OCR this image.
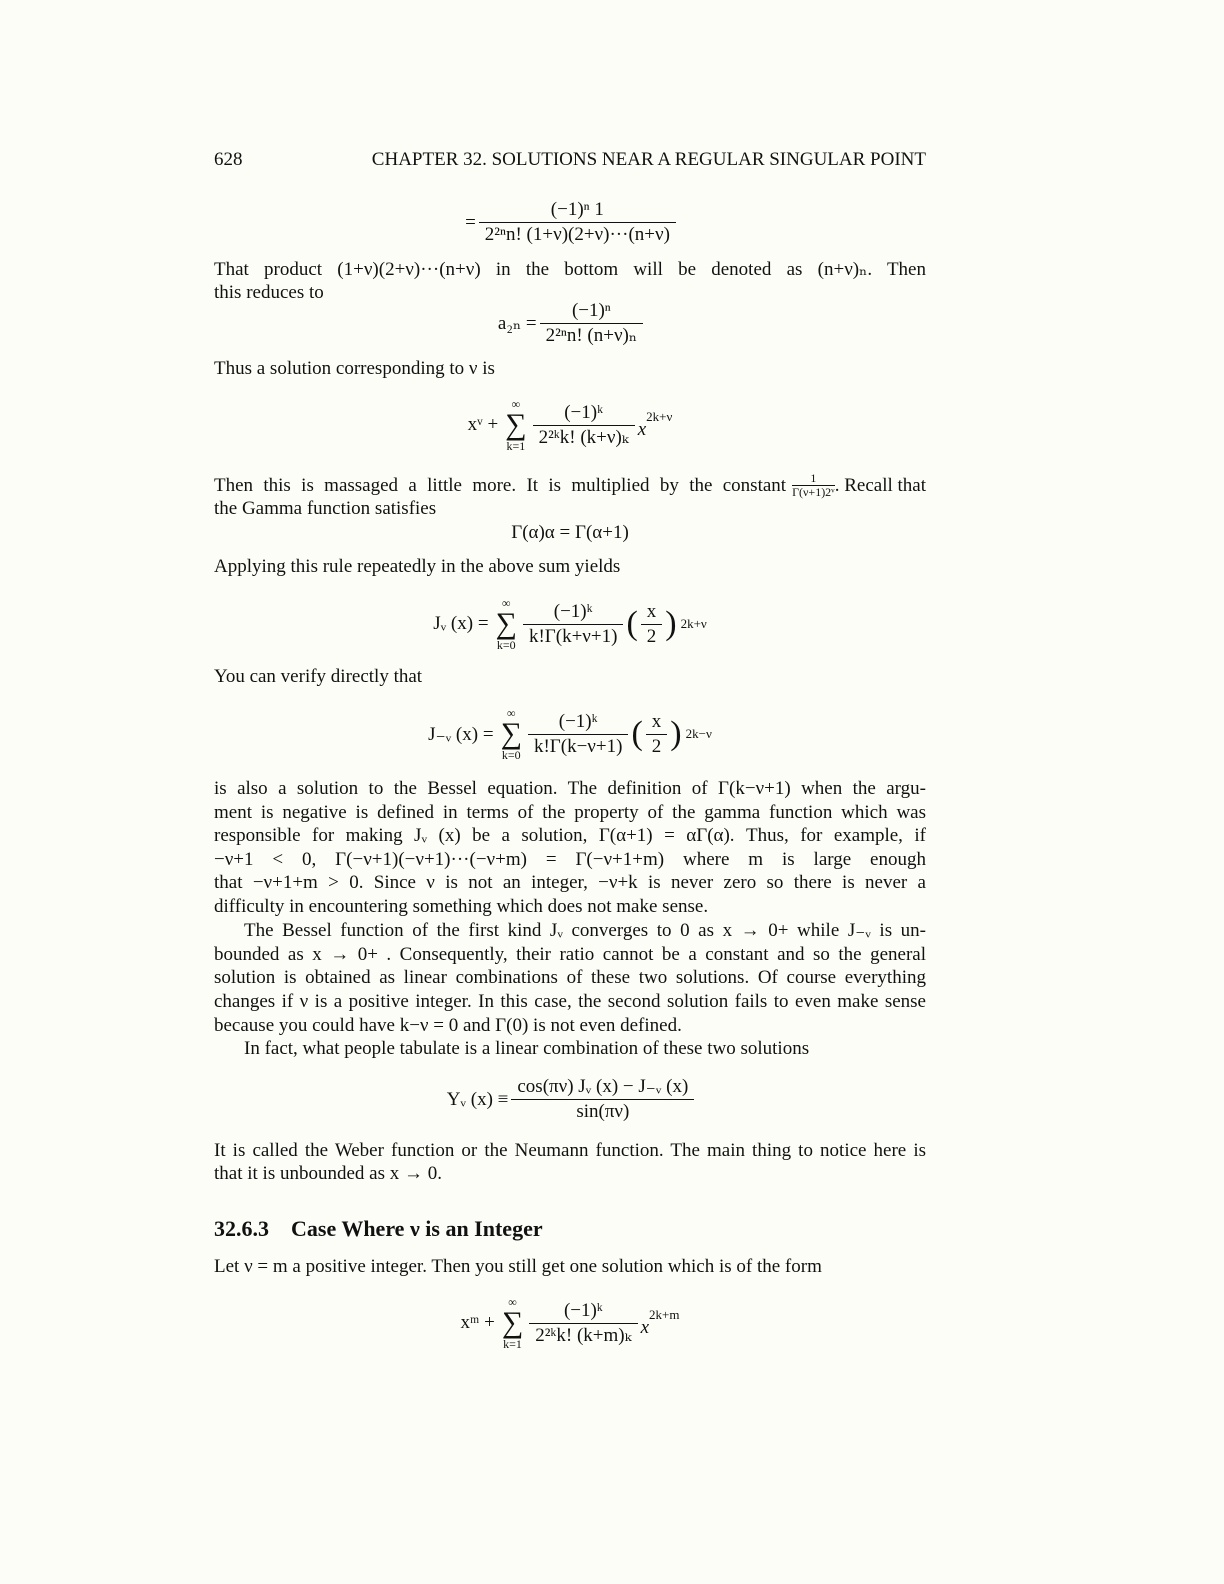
628	CHAPTER 32. SOLUTIONS NEAR A REGULAR SINGULAR POINT
= $\frac{\text{(−1)ⁿ 1}}{\text{2²ⁿn! (1+ν)(2+ν)···(n+ν)}}$
That product (1+ν)(2+ν)···(n+ν) in the bottom will be denoted as (n+ν)ₙ. Then
this reduces to
$a_{2n} = \frac{\text{(−1)ⁿ}}{\text{2²ⁿn! (n+ν)ₙ}}$
Thus a solution corresponding to ν is
xᵛ +
∞
∑
$k=1 \frac{\text{(−1)ᵏ}}{\text{2²ᵏk! (k+ν)ₖ}} x^{2k+\nu}$
Then this is massaged a little more. It is multiplied by the constant $\frac{1}{\text{Γ(ν+1)2ᵛ}}$ . Recall that
the Gamma function satisfies
Γ(α)α = Γ(α+1)
Applying this rule repeatedly in the above sum yields
Jᵥ (x) =
∞
∑
$k=0 \frac{\text{(−1)ᵏ}}{k!\Gamma(k+\nu+1)}$ ( $\frac{x}{2}$ ) 2k+ν
You can verify directly that
J₋ᵥ (x) =
∞
∑
$k=0 \frac{\text{(−1)ᵏ}}{k!\Gamma(k-\nu+1)}$ ( $\frac{x}{2}$ ) 2k−ν
is also a solution to the Bessel equation. The definition of Γ(k−ν+1) when the argu-
ment is negative is defined in terms of the property of the gamma function which was
responsible for making Jᵥ (x) be a solution, Γ(α+1) = αΓ(α). Thus, for example, if
−ν+1 < 0, Γ(−ν+1)(−ν+1)···(−ν+m) = Γ(−ν+1+m) where m is large enough
that −ν+1+m > 0. Since ν is not an integer, −ν+k is never zero so there is never a
difficulty in encountering something which does not make sense.
The Bessel function of the first kind Jᵥ converges to 0 as x → 0+ while J₋ᵥ is un-
bounded as x → 0+ . Consequently, their ratio cannot be a constant and so the general
solution is obtained as linear combinations of these two solutions. Of course everything
changes if ν is a positive integer. In this case, the second solution fails to even make sense
because you could have k−ν = 0 and Γ(0) is not even defined.
In fact, what people tabulate is a linear combination of these two solutions
Yᵥ $(x) \equiv \frac{\text{cos(πν) Jᵥ (x) − J₋ᵥ (x)}}{\sin(\pi\nu)}$
It is called the Weber function or the Neumann function. The main thing to notice here is
that it is unbounded as x → 0.
32.6.3 Case Where ν is an Integer
Let ν = m a positive integer. Then you still get one solution which is of the form
xᵐ +
∞
∑
$k=1 \frac{\text{(−1)ᵏ}}{\text{2²ᵏk! (k+m)ₖ}} x^{2k+m}$
